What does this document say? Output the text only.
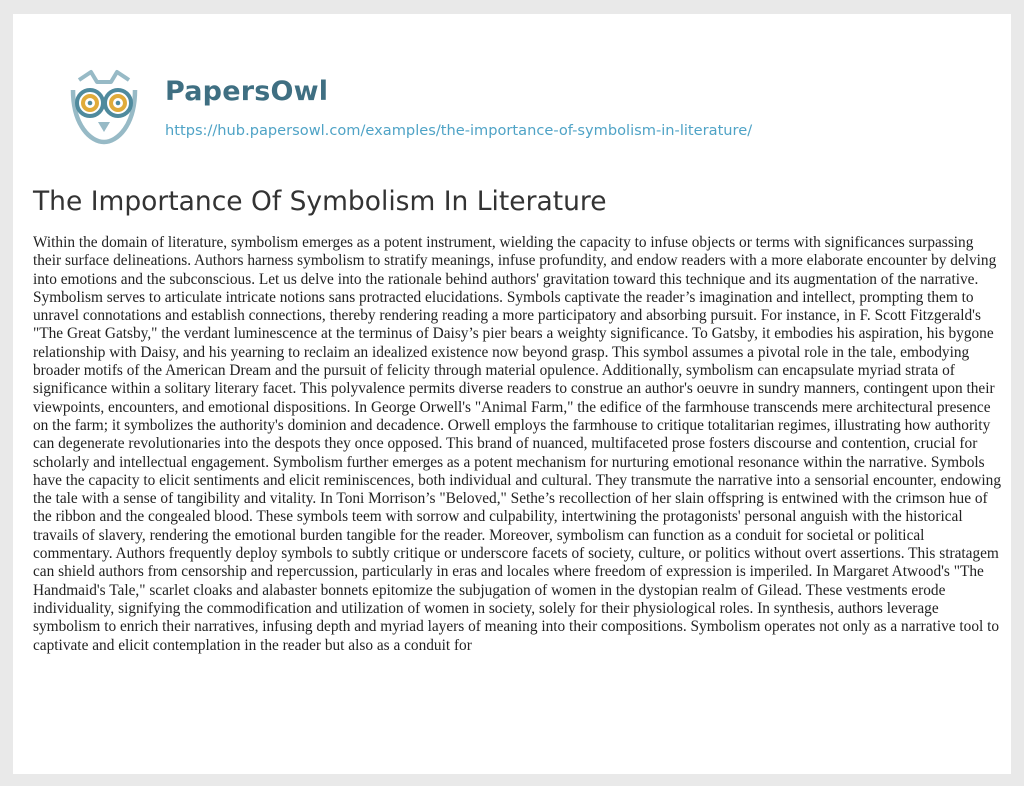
PapersOwl
https://hub.papersowl.com/examples/the-importance-of-symbolism-in-literature/
The Importance Of Symbolism In Literature

Within the domain of literature, symbolism emerges as a potent instrument, wielding the capacity to infuse objects or terms with significances surpassing their surface delineations. Authors harness symbolism to stratify meanings, infuse profundity, and endow readers with a more elaborate encounter by delving into emotions and the subconscious. Let us delve into the rationale behind authors' gravitation toward this technique and its augmentation of the narrative. Symbolism serves to articulate intricate notions sans protracted elucidations. Symbols captivate the reader’s imagination and intellect, prompting them to unravel connotations and establish connections, thereby rendering reading a more participatory and absorbing pursuit. For instance, in F. Scott Fitzgerald's "The Great Gatsby," the verdant luminescence at the terminus of Daisy’s pier bears a weighty significance. To Gatsby, it embodies his aspiration, his bygone relationship with Daisy, and his yearning to reclaim an idealized existence now beyond grasp. This symbol assumes a pivotal role in the tale, embodying broader motifs of the American Dream and the pursuit of felicity through material opulence. Additionally, symbolism can encapsulate myriad strata of significance within a solitary literary facet. This polyvalence permits diverse readers to construe an author's oeuvre in sundry manners, contingent upon their viewpoints, encounters, and emotional dispositions. In George Orwell's "Animal Farm," the edifice of the farmhouse transcends mere architectural presence on the farm; it symbolizes the authority's dominion and decadence. Orwell employs the farmhouse to critique totalitarian regimes, illustrating how authority can degenerate revolutionaries into the despots they once opposed. This brand of nuanced, multifaceted prose fosters discourse and contention, crucial for scholarly and intellectual engagement. Symbolism further emerges as a potent mechanism for nurturing emotional resonance within the narrative. Symbols have the capacity to elicit sentiments and elicit reminiscences, both individual and cultural. They transmute the narrative into a sensorial encounter, endowing the tale with a sense of tangibility and vitality. In Toni Morrison’s "Beloved," Sethe’s recollection of her slain offspring is entwined with the crimson hue of the ribbon and the congealed blood. These symbols teem with sorrow and culpability, intertwining the protagonists' personal anguish with the historical travails of slavery, rendering the emotional burden tangible for the reader. Moreover, symbolism can function as a conduit for societal or political commentary. Authors frequently deploy symbols to subtly critique or underscore facets of society, culture, or politics without overt assertions. This stratagem can shield authors from censorship and repercussion, particularly in eras and locales where freedom of expression is imperiled. In Margaret Atwood's "The Handmaid's Tale," scarlet cloaks and alabaster bonnets epitomize the subjugation of women in the dystopian realm of Gilead. These vestments erode individuality, signifying the commodification and utilization of women in society, solely for their physiological roles. In synthesis, authors leverage symbolism to enrich their narratives, infusing depth and myriad layers of meaning into their compositions. Symbolism operates not only as a narrative tool to captivate and elicit contemplation in the reader but also as a conduit for
